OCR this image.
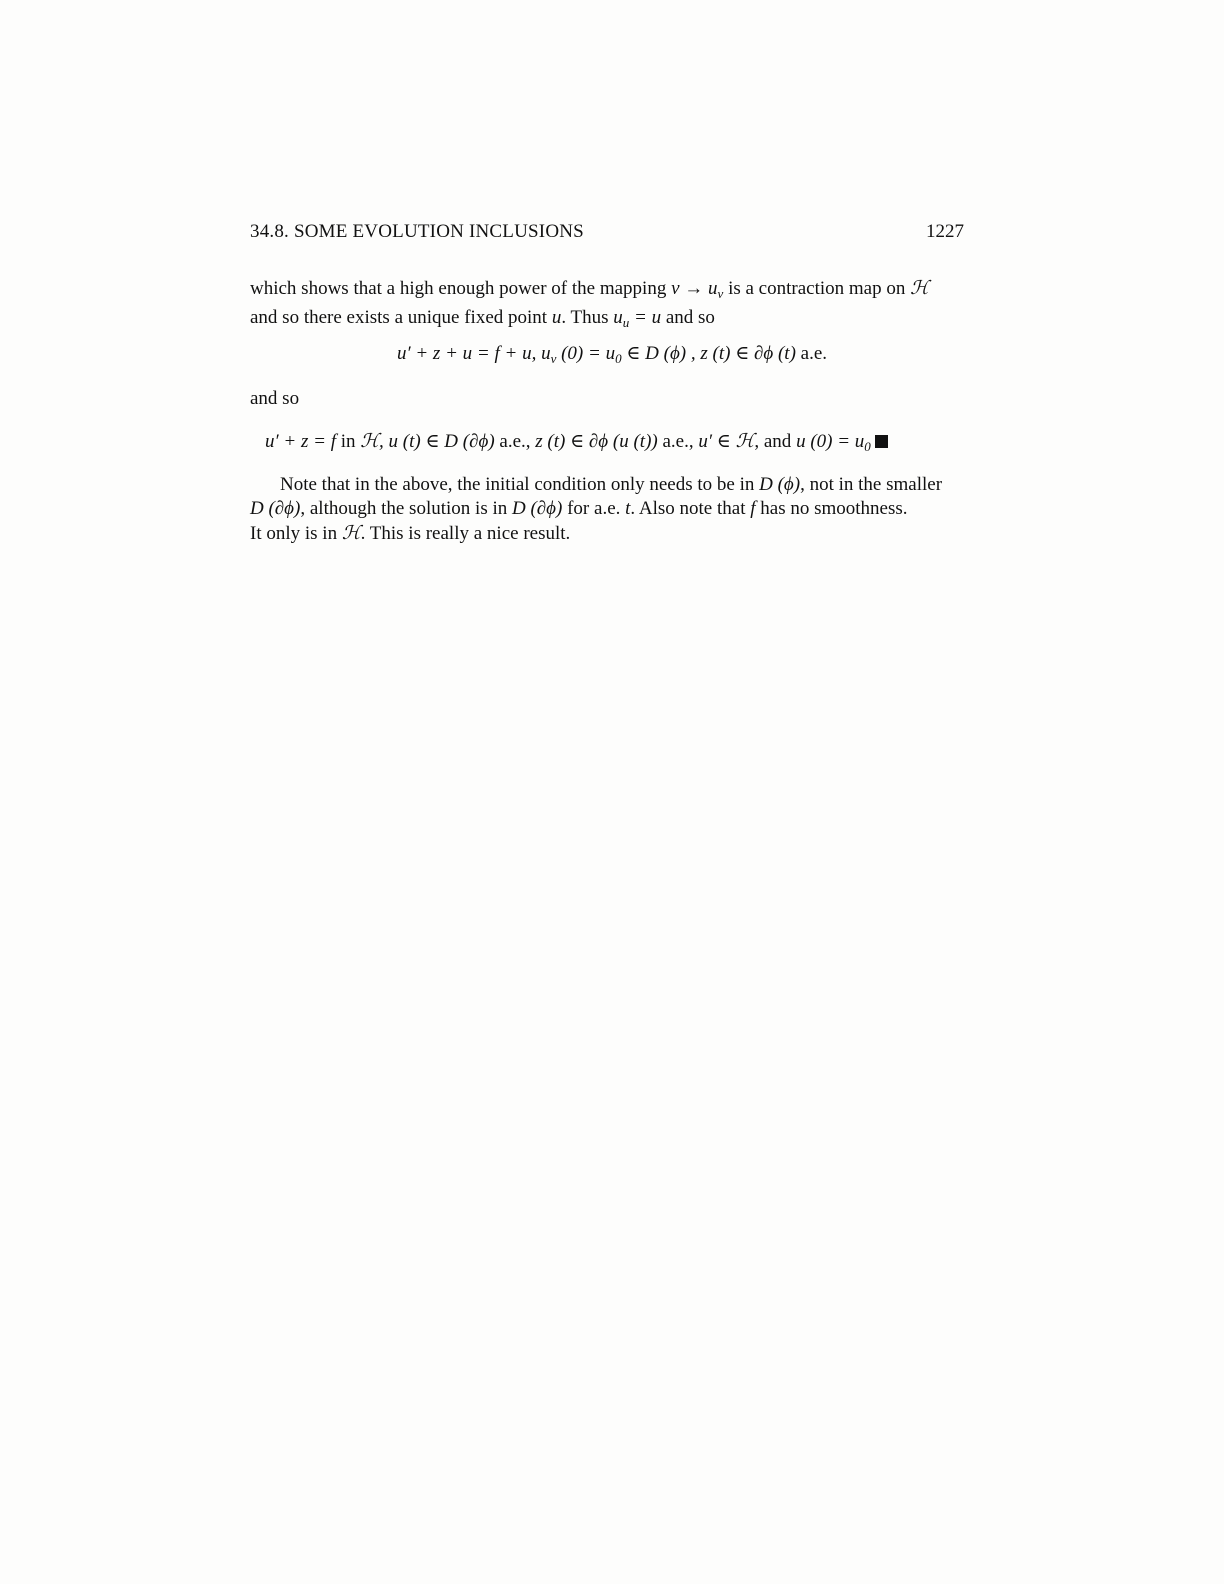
34.8. SOME EVOLUTION INCLUSIONS	1227
which shows that a high enough power of the mapping $v \to u_v$ is a contraction map on ℋ
and so there exists a unique fixed point u. Thus $u_u = u$ and so
u′ + z + u = f + u, $u_v$ $(0) = u_0$ ∈ D (ϕ) , z (t) ∈ ∂ϕ (t) a.e.
and so
u′ + z = f in ℋ, u (t) ∈ D (∂ϕ) a.e., z (t) ∈ ∂ϕ (u (t)) a.e., u′ ∈ ℋ, and u $(0) = u_0$
Note that in the above, the initial condition only needs to be in D (ϕ), not in the smaller
D (∂ϕ), although the solution is in D (∂ϕ) for a.e. t. Also note that f has no smoothness.
It only is in ℋ. This is really a nice result.
